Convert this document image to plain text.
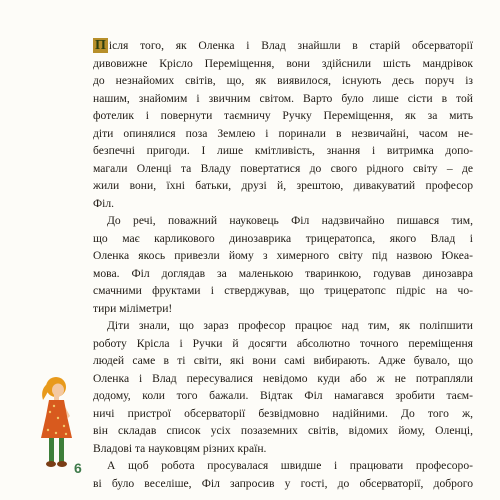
П ісля того, як Оленка і Влад знайшли в старій обсерваторії
дивовижне Крісло Переміщення, вони здійснили шість мандрівок
до незнайомих світів, що, як виявилося, існують десь поруч із
нашим, знайомим і звичним світом. Варто було лише сісти в той
фотелик і повернути таємничу Ручку Переміщення, як за мить
діти опинялися поза Землею і поринали в незвичайні, часом не-
безпечні пригоди. І лише кмітливість, знання і витримка допо-
магали Оленці та Владу повертатися до свого рідного світу – де
жили вони, їхні батьки, друзі й, зрештою, дивакуватий професор
Філ.
До речі, поважний науковець Філ надзвичайно пишався тим,
що має карликового динозаврика трицератопса, якого Влад і
Оленка якось привезли йому з химерного світу під назвою Юкеа-
мова. Філ доглядав за маленькою тваринкою, годував динозавра
смачними фруктами і стверджував, що трицератопс підріс на чо-
тири міліметри!
Діти знали, що зараз професор працює над тим, як поліпшити
роботу Крісла і Ручки й досягти абсолютно точного переміщення
людей саме в ті світи, які вони самі вибирають. Адже бувало, що
Оленка і Влад пересувалися невідомо куди або ж не потрапляли
додому, коли того бажали. Відтак Філ намагався зробити таєм-
ничі пристрої обсерваторії безвідмовно надійними. До того ж,
він складав список усіх позаземних світів, відомих йому, Оленці,
Владові та науковцям різних країн.
А щоб робота просувалася швидше і працювати професоро-
ві було веселіше, Філ запросив у гості, до обсерваторії, доброго
6
